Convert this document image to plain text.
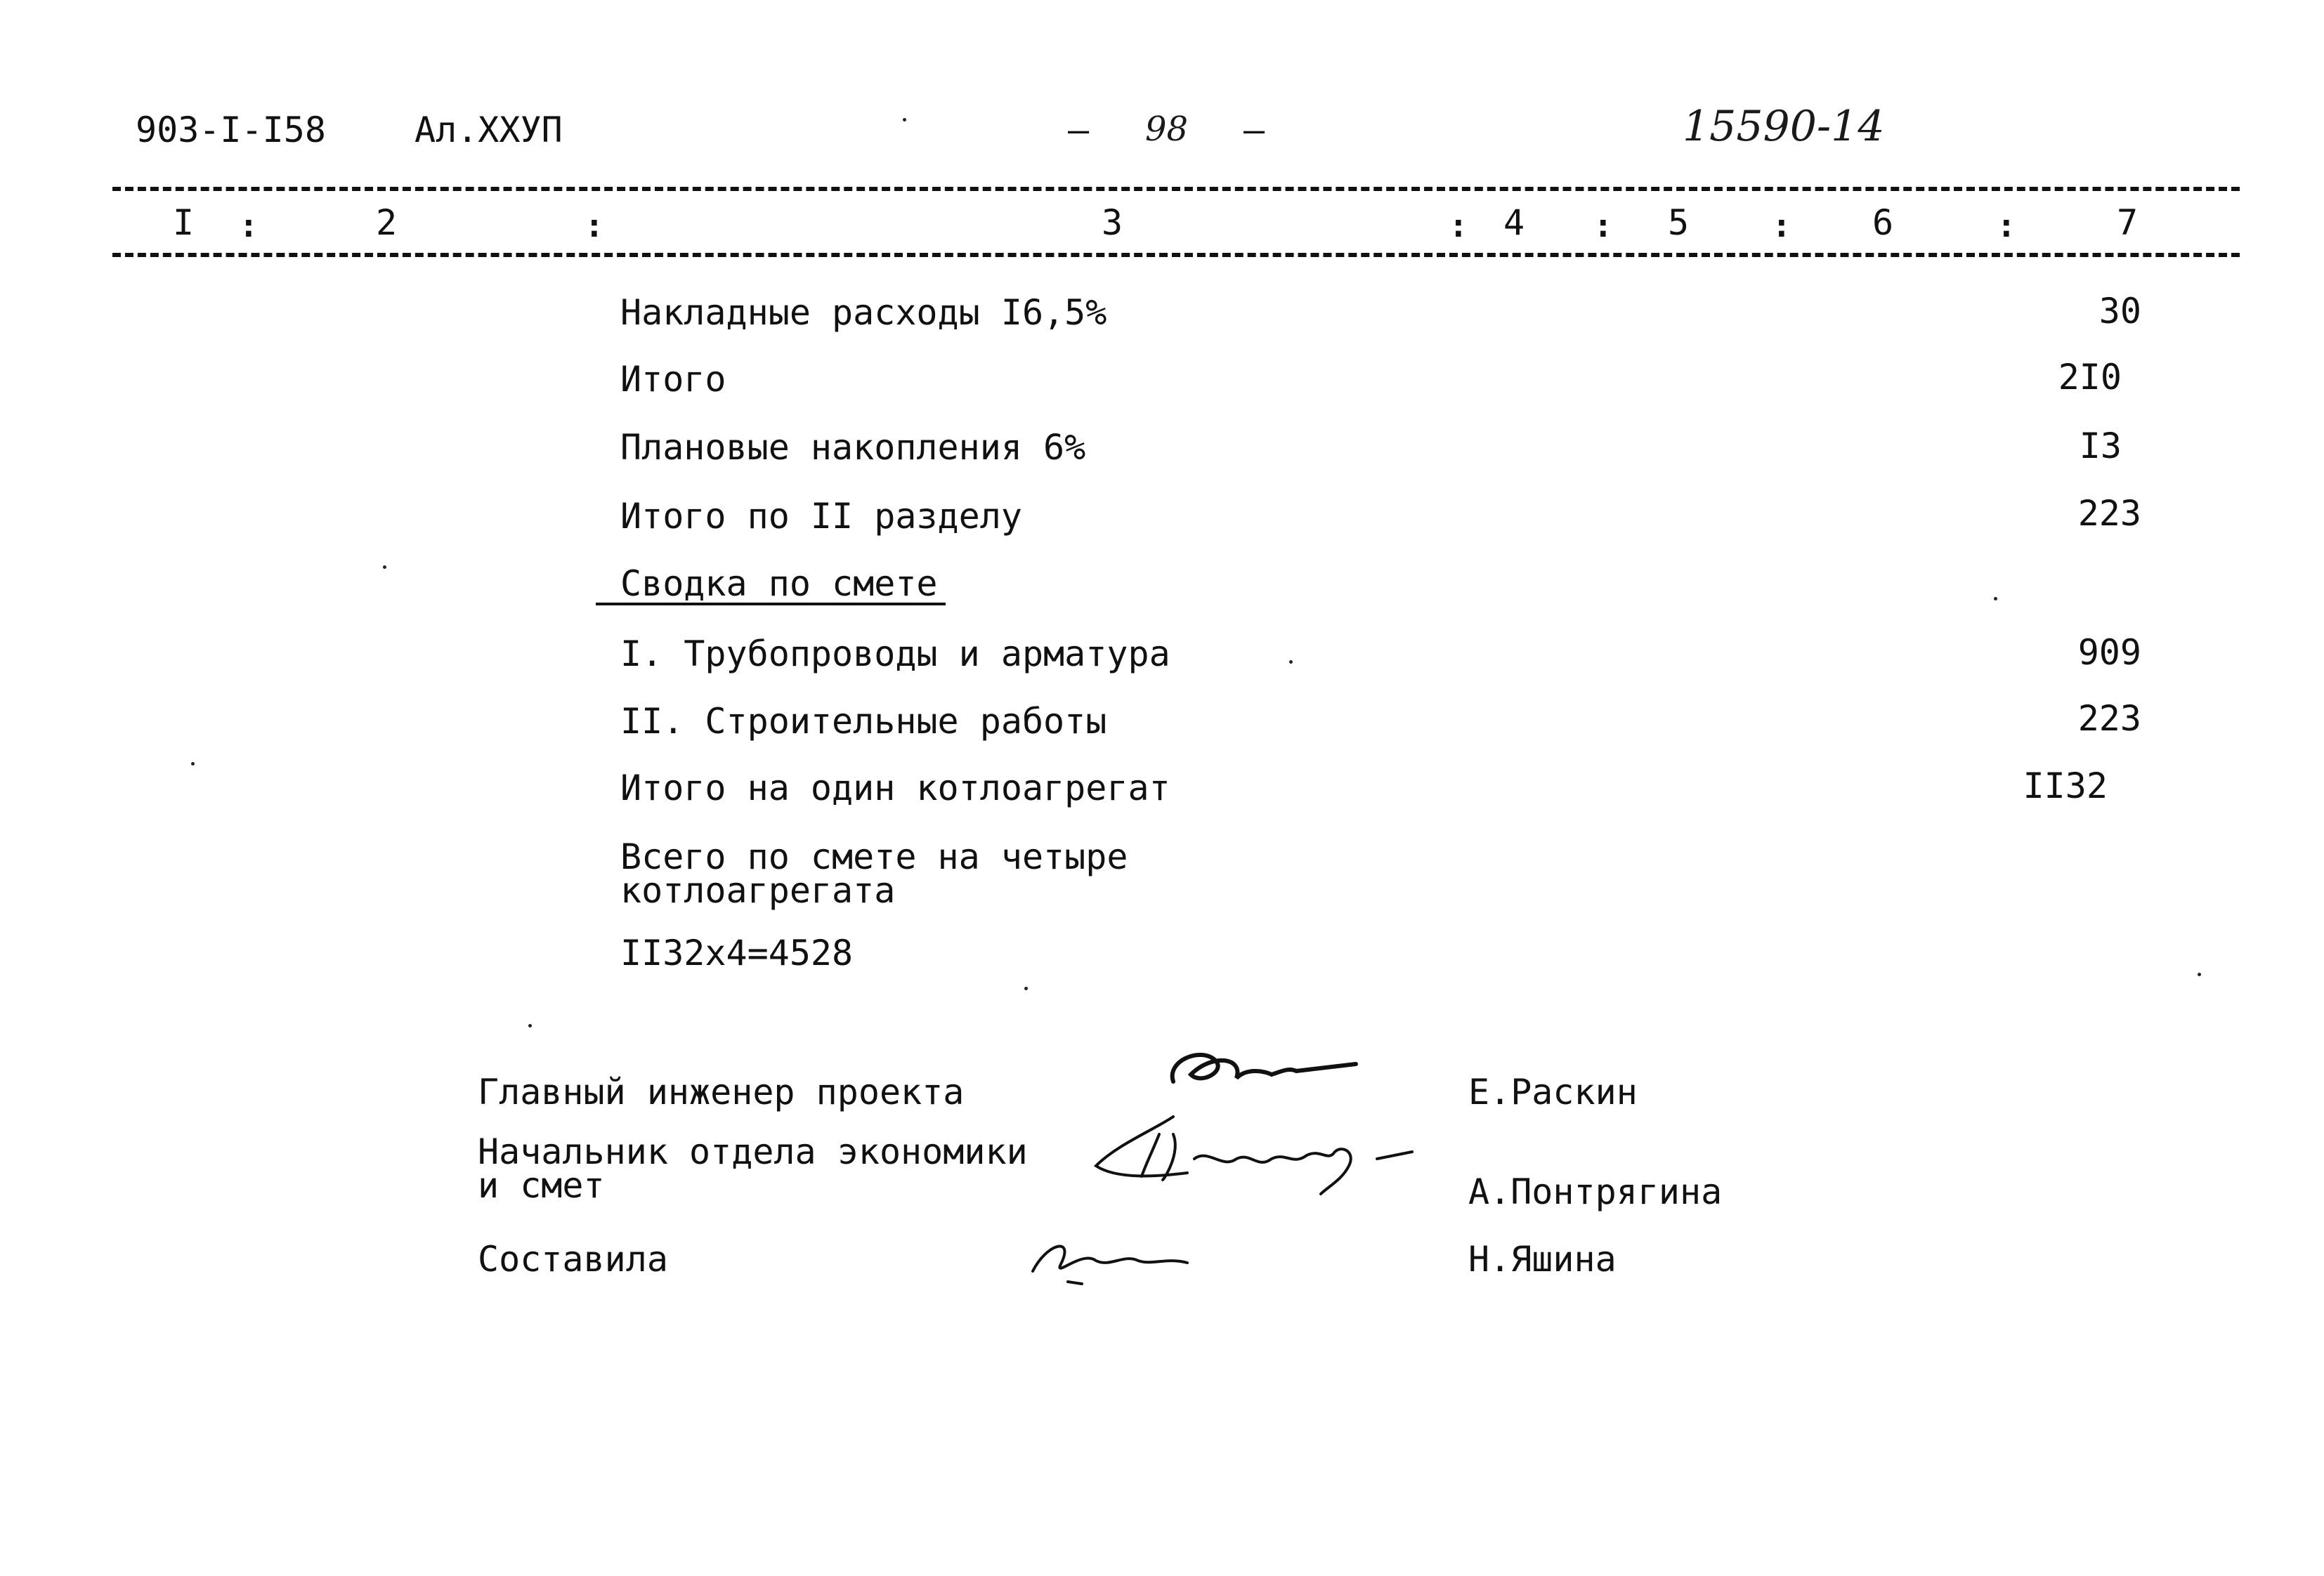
903-I-I58	Ал.XXУП	– 98 –	15590-14
I :	2	:	3	: 4 : 5	: 6	:	7
Накладные расходы I6,5%	30
Итого	2I0
Плановые накопления 6%	I3
Итого по II разделу	223
Сводка по смете
I. Трубопроводы и арматура	909
II. Строительные работы	223
Итого на один котлоагрегат	II32
Всего по смете на четыре
котлоагрегата
II32x4=4528
Главный инженер проекта	Е.Раскин
Начальник отдела экономики
и смет	А.Понтрягина
Составила	Н.Яшина
